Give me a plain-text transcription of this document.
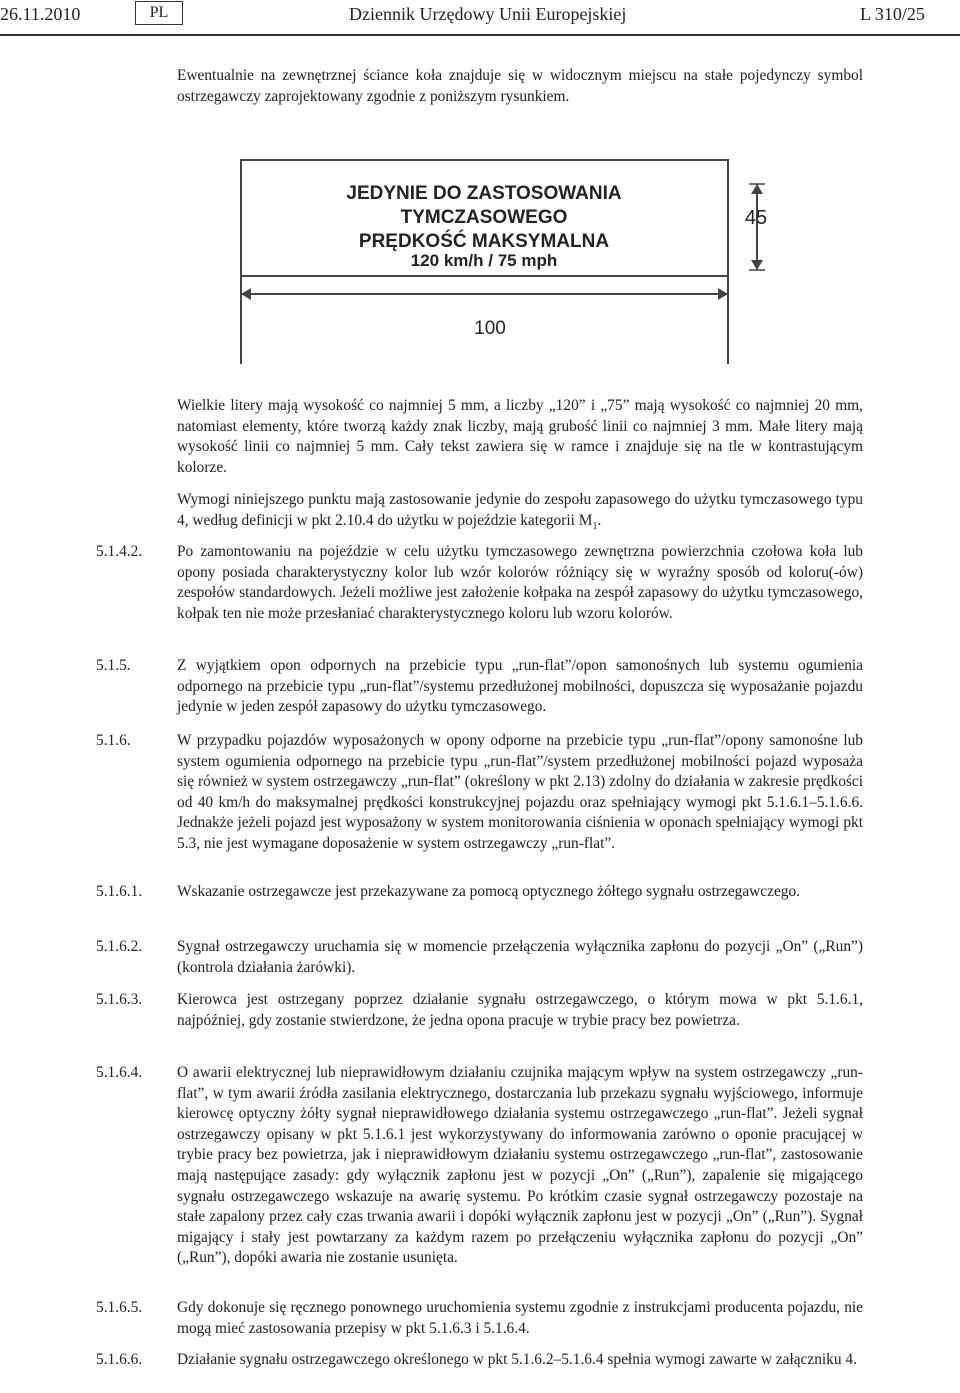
26.11.2010	PL	Dziennik Urzędowy Unii Europejskiej	L 310/25
Ewentualnie na zewnętrznej ściance koła znajduje się w widocznym miejscu na stałe pojedynczy symbol ostrzegawczy zaprojektowany zgodnie z poniższym rysunkiem.
JEDYNIE DO ZASTOSOWANIA
TYMCZASOWEGO
PRĘDKOŚĆ MAKSYMALNA
120 km/h / 75 mph
45
100
Wielkie litery mają wysokość co najmniej 5 mm, a liczby „120” i „75” mają wysokość co najmniej 20 mm, natomiast elementy, które tworzą każdy znak liczby, mają grubość linii co najmniej 3 mm. Małe litery mają wysokość linii co najmniej 5 mm. Cały tekst zawiera się w ramce i znajduje się na tle w kontrastującym kolorze.
Wymogi niniejszego punktu mają zastosowanie jedynie do zespołu zapasowego do użytku tymczasowego typu 4, według definicji w pkt 2.10.4 do użytku w pojeździe kategorii $M_1$.
5.1.4.2. Po zamontowaniu na pojeździe w celu użytku tymczasowego zewnętrzna powierzchnia czołowa koła lub opony posiada charakterystyczny kolor lub wzór kolorów różniący się w wyraźny sposób od koloru(-ów) zespołów standardowych. Jeżeli możliwe jest założenie kołpaka na zespół zapasowy do użytku tymczasowego, kołpak ten nie może przesłaniać charakterystycznego koloru lub wzoru kolorów.
5.1.5.	Z wyjątkiem opon odpornych na przebicie typu „run-flat”/opon samonośnych lub systemu ogumienia odpornego na przebicie typu „run-flat”/systemu przedłużonej mobilności, dopuszcza się wyposażanie pojazdu jedynie w jeden zespół zapasowy do użytku tymczasowego.
5.1.6.	W przypadku pojazdów wyposażonych w opony odporne na przebicie typu „run-flat”/opony samonośne lub system ogumienia odpornego na przebicie typu „run-flat”/system przedłużonej mobilności pojazd wyposaża się również w system ostrzegawczy „run-flat” (określony w pkt 2.13) zdolny do działania w zakresie prędkości od 40 km/h do maksymalnej prędkości konstrukcyjnej pojazdu oraz spełniający wymogi pkt 5.1.6.1–5.1.6.6. Jednakże jeżeli pojazd jest wyposażony w system monitorowania ciśnienia w oponach spełniający wymogi pkt 5.3, nie jest wymagane doposażenie w system ostrzegawczy „run-flat”.
5.1.6.1. Wskazanie ostrzegawcze jest przekazywane za pomocą optycznego żółtego sygnału ostrzegawczego.
5.1.6.2. Sygnał ostrzegawczy uruchamia się w momencie przełączenia wyłącznika zapłonu do pozycji „On” („Run”) (kontrola działania żarówki).
5.1.6.3. Kierowca jest ostrzegany poprzez działanie sygnału ostrzegawczego, o którym mowa w pkt 5.1.6.1, najpóźniej, gdy zostanie stwierdzone, że jedna opona pracuje w trybie pracy bez powietrza.
5.1.6.4. O awarii elektrycznej lub nieprawidłowym działaniu czujnika mającym wpływ na system ostrzegawczy „run-flat”, w tym awarii źródła zasilania elektrycznego, dostarczania lub przekazu sygnału wyjściowego, informuje kierowcę optyczny żółty sygnał nieprawidłowego działania systemu ostrzegawczego „run-flat”. Jeżeli sygnał ostrzegawczy opisany w pkt 5.1.6.1 jest wykorzystywany do informowania zarówno o oponie pracującej w trybie pracy bez powietrza, jak i nieprawidłowym działaniu systemu ostrzegawczego „run-flat”, zastosowanie mają następujące zasady: gdy wyłącznik zapłonu jest w pozycji „On” („Run”), zapalenie się migającego sygnału ostrzegawczego wskazuje na awarię systemu. Po krótkim czasie sygnał ostrzegawczy pozostaje na stałe zapalony przez cały czas trwania awarii i dopóki wyłącznik zapłonu jest w pozycji „On” („Run”). Sygnał migający i stały jest powtarzany za każdym razem po przełączeniu wyłącznika zapłonu do pozycji „On” („Run”), dopóki awaria nie zostanie usunięta.
5.1.6.5. Gdy dokonuje się ręcznego ponownego uruchomienia systemu zgodnie z instrukcjami producenta pojazdu, nie mogą mieć zastosowania przepisy w pkt 5.1.6.3 i 5.1.6.4.
5.1.6.6. Działanie sygnału ostrzegawczego określonego w pkt 5.1.6.2–5.1.6.4 spełnia wymogi zawarte w załączniku 4.
